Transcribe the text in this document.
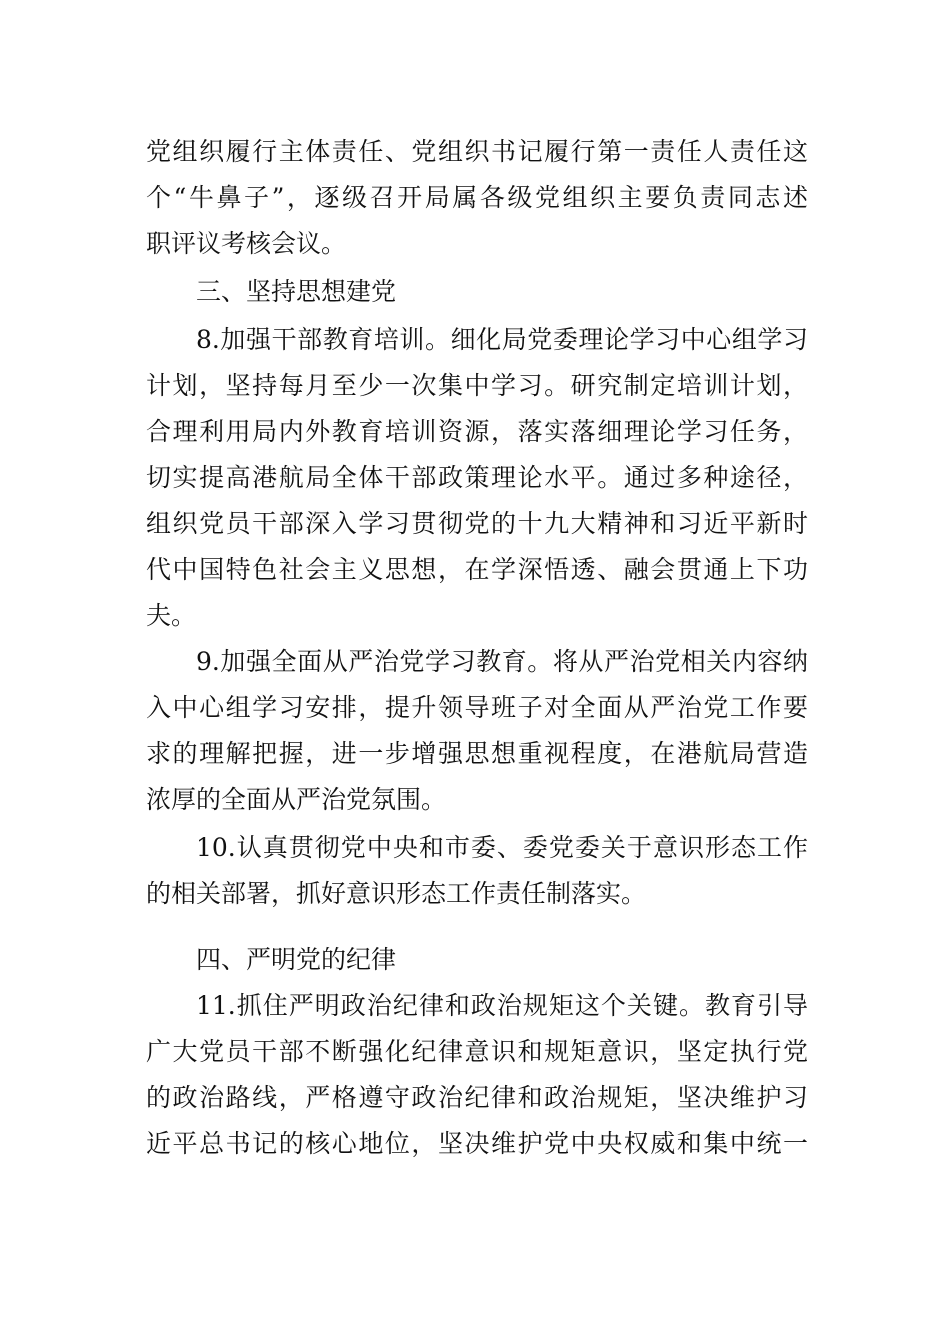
党组织履行主体责任、党组织书记履行第一责任人责任这
个“牛鼻子”，逐级召开局属各级党组织主要负责同志述
职评议考核会议。
三、坚持思想建党
8.加强干部教育培训。细化局党委理论学习中心组学习
计划，坚持每月至少一次集中学习。研究制定培训计划，
合理利用局内外教育培训资源，落实落细理论学习任务，
切实提高港航局全体干部政策理论水平。通过多种途径，
组织党员干部深入学习贯彻党的十九大精神和习近平新时
代中国特色社会主义思想，在学深悟透、融会贯通上下功
夫。
9.加强全面从严治党学习教育。将从严治党相关内容纳
入中心组学习安排，提升领导班子对全面从严治党工作要
求的理解把握，进一步增强思想重视程度，在港航局营造
浓厚的全面从严治党氛围。
10.认真贯彻党中央和市委、委党委关于意识形态工作
的相关部署，抓好意识形态工作责任制落实。
四、严明党的纪律
11.抓住严明政治纪律和政治规矩这个关键。教育引导
广大党员干部不断强化纪律意识和规矩意识，坚定执行党
的政治路线，严格遵守政治纪律和政治规矩，坚决维护习
近平总书记的核心地位，坚决维护党中央权威和集中统一
